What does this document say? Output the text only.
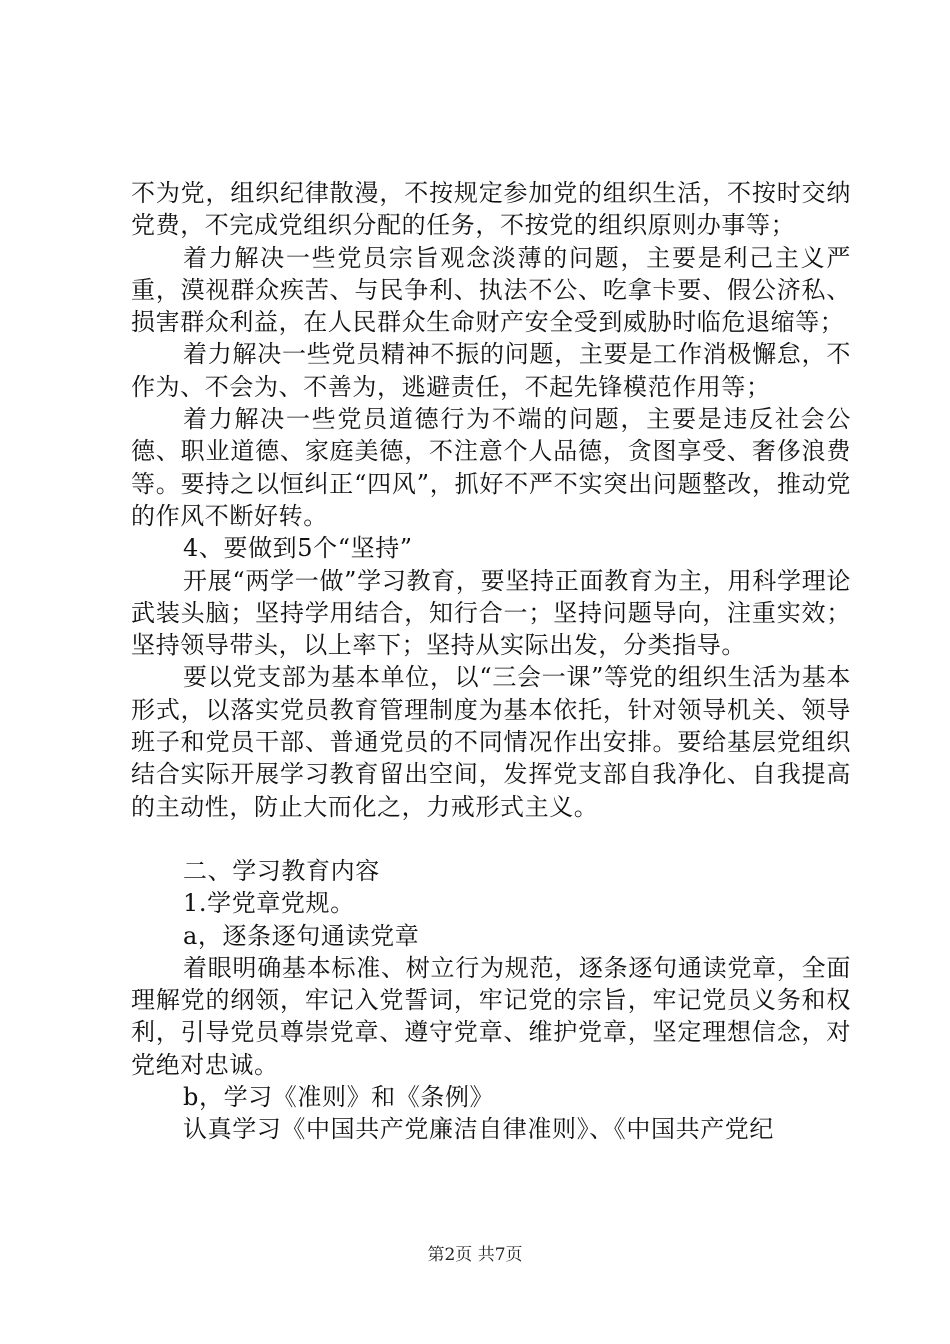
不为党，组织纪律散漫，不按规定参加党的组织生活，不按时交纳党费，不完成党组织分配的任务，不按党的组织原则办事等；

着力解决一些党员宗旨观念淡薄的问题，主要是利己主义严重，漠视群众疾苦、与民争利、执法不公、吃拿卡要、假公济私、损害群众利益，在人民群众生命财产安全受到威胁时临危退缩等；

着力解决一些党员精神不振的问题，主要是工作消极懈怠，不作为、不会为、不善为，逃避责任，不起先锋模范作用等；

着力解决一些党员道德行为不端的问题，主要是违反社会公德、职业道德、家庭美德，不注意个人品德，贪图享受、奢侈浪费等。要持之以恒纠正“四风”，抓好不严不实突出问题整改，推动党的作风不断好转。

4、要做到5个“坚持”

开展“两学一做”学习教育，要坚持正面教育为主，用科学理论武装头脑；坚持学用结合，知行合一；坚持问题导向，注重实效；坚持领导带头，以上率下；坚持从实际出发，分类指导。

要以党支部为基本单位，以“三会一课”等党的组织生活为基本形式，以落实党员教育管理制度为基本依托，针对领导机关、领导班子和党员干部、普通党员的不同情况作出安排。要给基层党组织结合实际开展学习教育留出空间，发挥党支部自我净化、自我提高的主动性，防止大而化之，力戒形式主义。

二、学习教育内容

1.学党章党规。

a，逐条逐句通读党章

着眼明确基本标准、树立行为规范，逐条逐句通读党章，全面理解党的纲领，牢记入党誓词，牢记党的宗旨，牢记党员义务和权利，引导党员尊崇党章、遵守党章、维护党章，坚定理想信念，对党绝对忠诚。

b，学习《准则》和《条例》

认真学习《中国共产党廉洁自律准则》、《中国共产党纪

第2页 共7页
